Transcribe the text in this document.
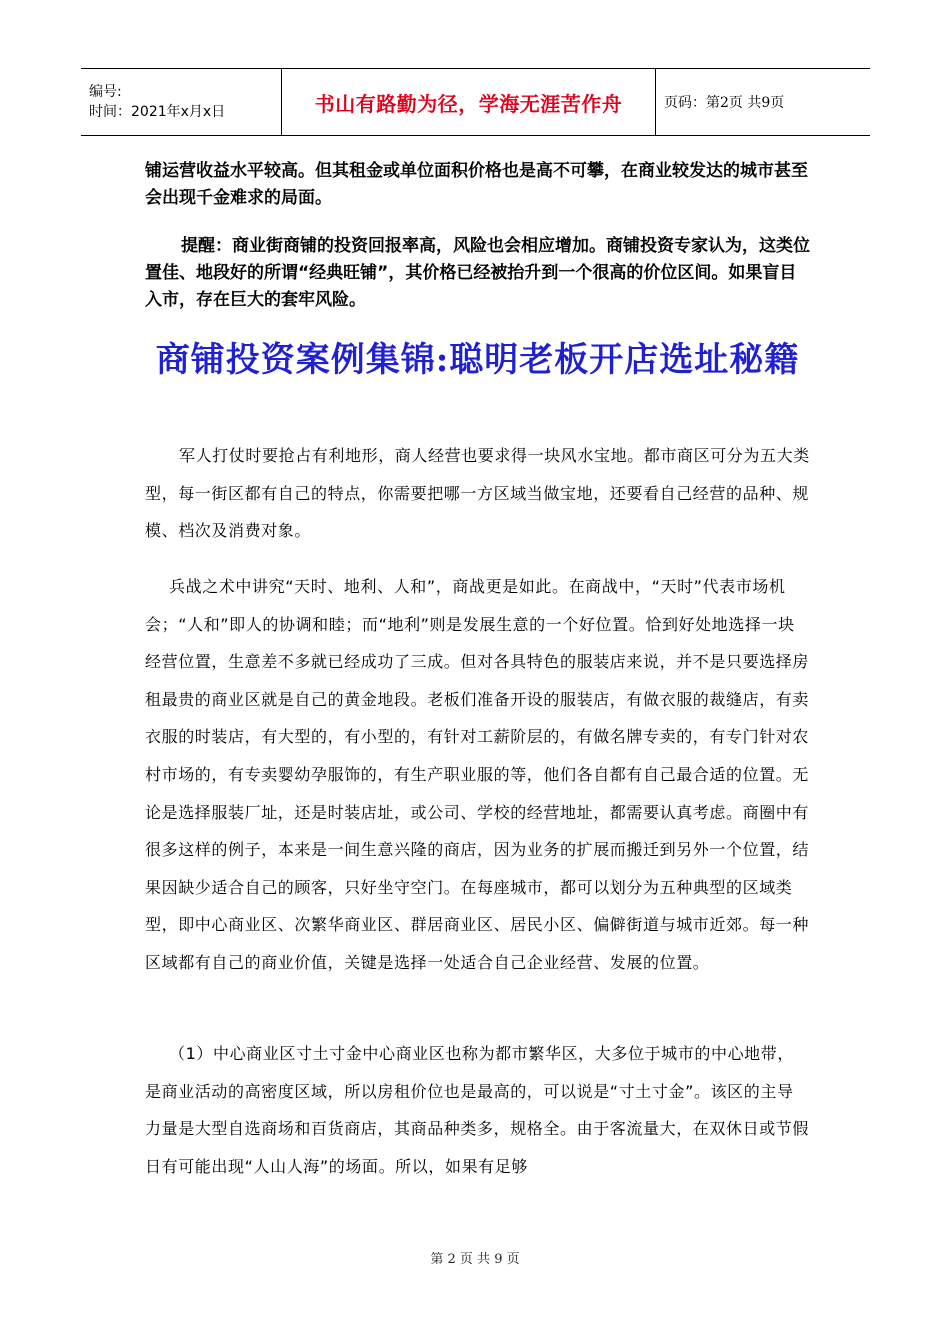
编号:
时间：2021年x月x日	书山有路勤为径，学海无涯苦作舟	页码：第2页 共9页

铺运营收益水平较高。但其租金或单位面积价格也是高不可攀，在商业较发达的城市甚至会出现千金难求的局面。

提醒：商业街商铺的投资回报率高，风险也会相应增加。商铺投资专家认为，这类位置佳、地段好的所谓“经典旺铺”，其价格已经被抬升到一个很高的价位区间。如果盲目入市，存在巨大的套牢风险。

商铺投资案例集锦:聪明老板开店选址秘籍

军人打仗时要抢占有利地形，商人经营也要求得一块风水宝地。都市商区可分为五大类型，每一街区都有自己的特点，你需要把哪一方区域当做宝地，还要看自己经营的品种、规模、档次及消费对象。

兵战之术中讲究“天时、地利、人和”，商战更是如此。在商战中，“天时”代表市场机会；“人和”即人的协调和睦；而“地利”则是发展生意的一个好位置。恰到好处地选择一块经营位置，生意差不多就已经成功了三成。但对各具特色的服装店来说，并不是只要选择房租最贵的商业区就是自己的黄金地段。老板们准备开设的服装店，有做衣服的裁缝店，有卖衣服的时装店，有大型的，有小型的，有针对工薪阶层的，有做名牌专卖的，有专门针对农村市场的，有专卖婴幼孕服饰的，有生产职业服的等，他们各自都有自己最合适的位置。无论是选择服装厂址，还是时装店址，或公司、学校的经营地址，都需要认真考虑。商圈中有很多这样的例子，本来是一间生意兴隆的商店，因为业务的扩展而搬迁到另外一个位置，结果因缺少适合自己的顾客，只好坐守空门。在每座城市，都可以划分为五种典型的区域类型，即中心商业区、次繁华商业区、群居商业区、居民小区、偏僻街道与城市近郊。每一种区域都有自己的商业价值，关键是选择一处适合自己企业经营、发展的位置。

（1）中心商业区寸土寸金中心商业区也称为都市繁华区，大多位于城市的中心地带，是商业活动的高密度区域，所以房租价位也是最高的，可以说是“寸土寸金”。该区的主导力量是大型自选商场和百货商店，其商品种类多，规格全。由于客流量大，在双休日或节假日有可能出现“人山人海”的场面。所以，如果有足够

第 2 页 共 9 页
